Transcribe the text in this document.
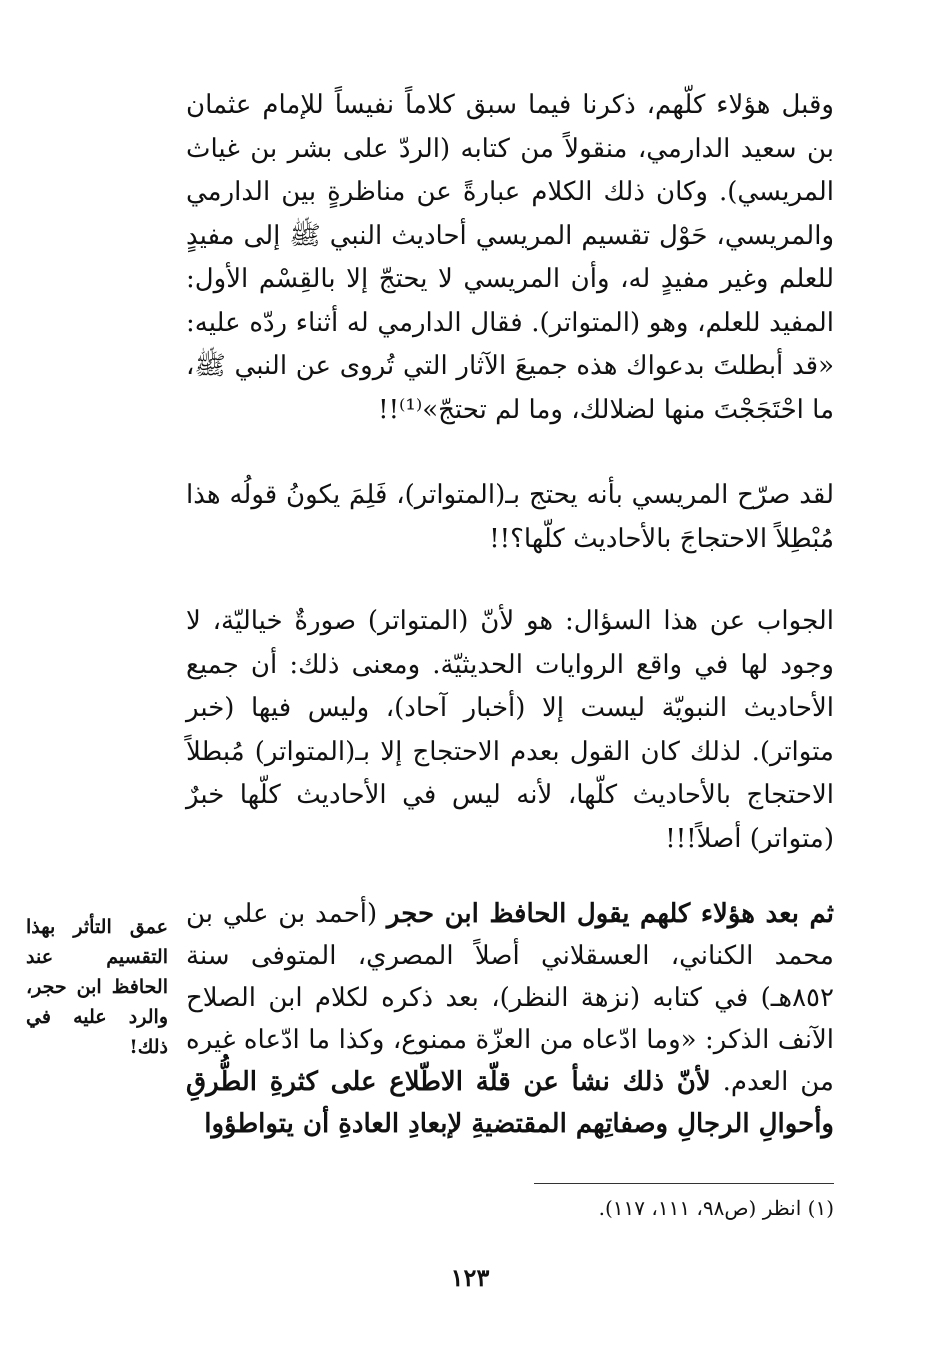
وقبل هؤلاء كلّهم، ذكرنا فيما سبق كلاماً نفيساً للإمام عثمان بن سعيد الدارمي، منقولاً من كتابه (الردّ على بشر بن غياث المريسي). وكان ذلك الكلام عبارةً عن مناظرةٍ بين الدارمي والمريسي، حَوْل تقسيم المريسي أحاديث النبي ﷺ إلى مفيدٍ للعلم وغير مفيدٍ له، وأن المريسي لا يحتجّ إلا بالقِسْم الأول: المفيد للعلم، وهو (المتواتر). فقال الدارمي له أثناء ردّه عليه: «قد أبطلتَ بدعواك هذه جميعَ الآثار التي تُروى عن النبي ﷺ، ما احْتَجَجْتَ منها لضلالك، وما لم تحتجّ»⁽¹⁾!!

لقد صرّح المريسي بأنه يحتج بـ(المتواتر)، فَلِمَ يكونُ قولُه هذا مُبْطِلاً الاحتجاجَ بالأحاديث كلّها؟!!

الجواب عن هذا السؤال: هو لأنّ (المتواتر) صورةٌ خياليّة، لا وجود لها في واقع الروايات الحديثيّة. ومعنى ذلك: أن جميع الأحاديث النبويّة ليست إلا (أخبار آحاد)، وليس فيها (خبر متواتر). لذلك كان القول بعدم الاحتجاج إلا بـ(المتواتر) مُبطلاً الاحتجاج بالأحاديث كلّها، لأنه ليس في الأحاديث كلّها خبرٌ (متواتر) أصلاً!!!

ثم بعد هؤلاء كلهم يقول الحافظ ابن حجر (أحمد بن علي بن محمد الكناني، العسقلاني أصلاً المصري، المتوفى سنة ٨٥٢هـ) في كتابه (نزهة النظر)، بعد ذكره لكلام ابن الصلاح الآنف الذكر: «وما ادّعاه من العزّة ممنوع، وكذا ما ادّعاه غيره من العدم. لأنّ ذلك نشأ عن قلّة الاطّلاع على كثرةِ الطُّرقِ وأحوالِ الرجالِ وصفاتِهم المقتضيةِ لإبعادِ العادةِ أن يتواطؤوا

عمق التأثر بهذا التقسيم عند الحافظ ابن حجر، والرد عليه في ذلك!

(١) انظر (ص٩٨، ١١١، ١١٧).
١٢٣
